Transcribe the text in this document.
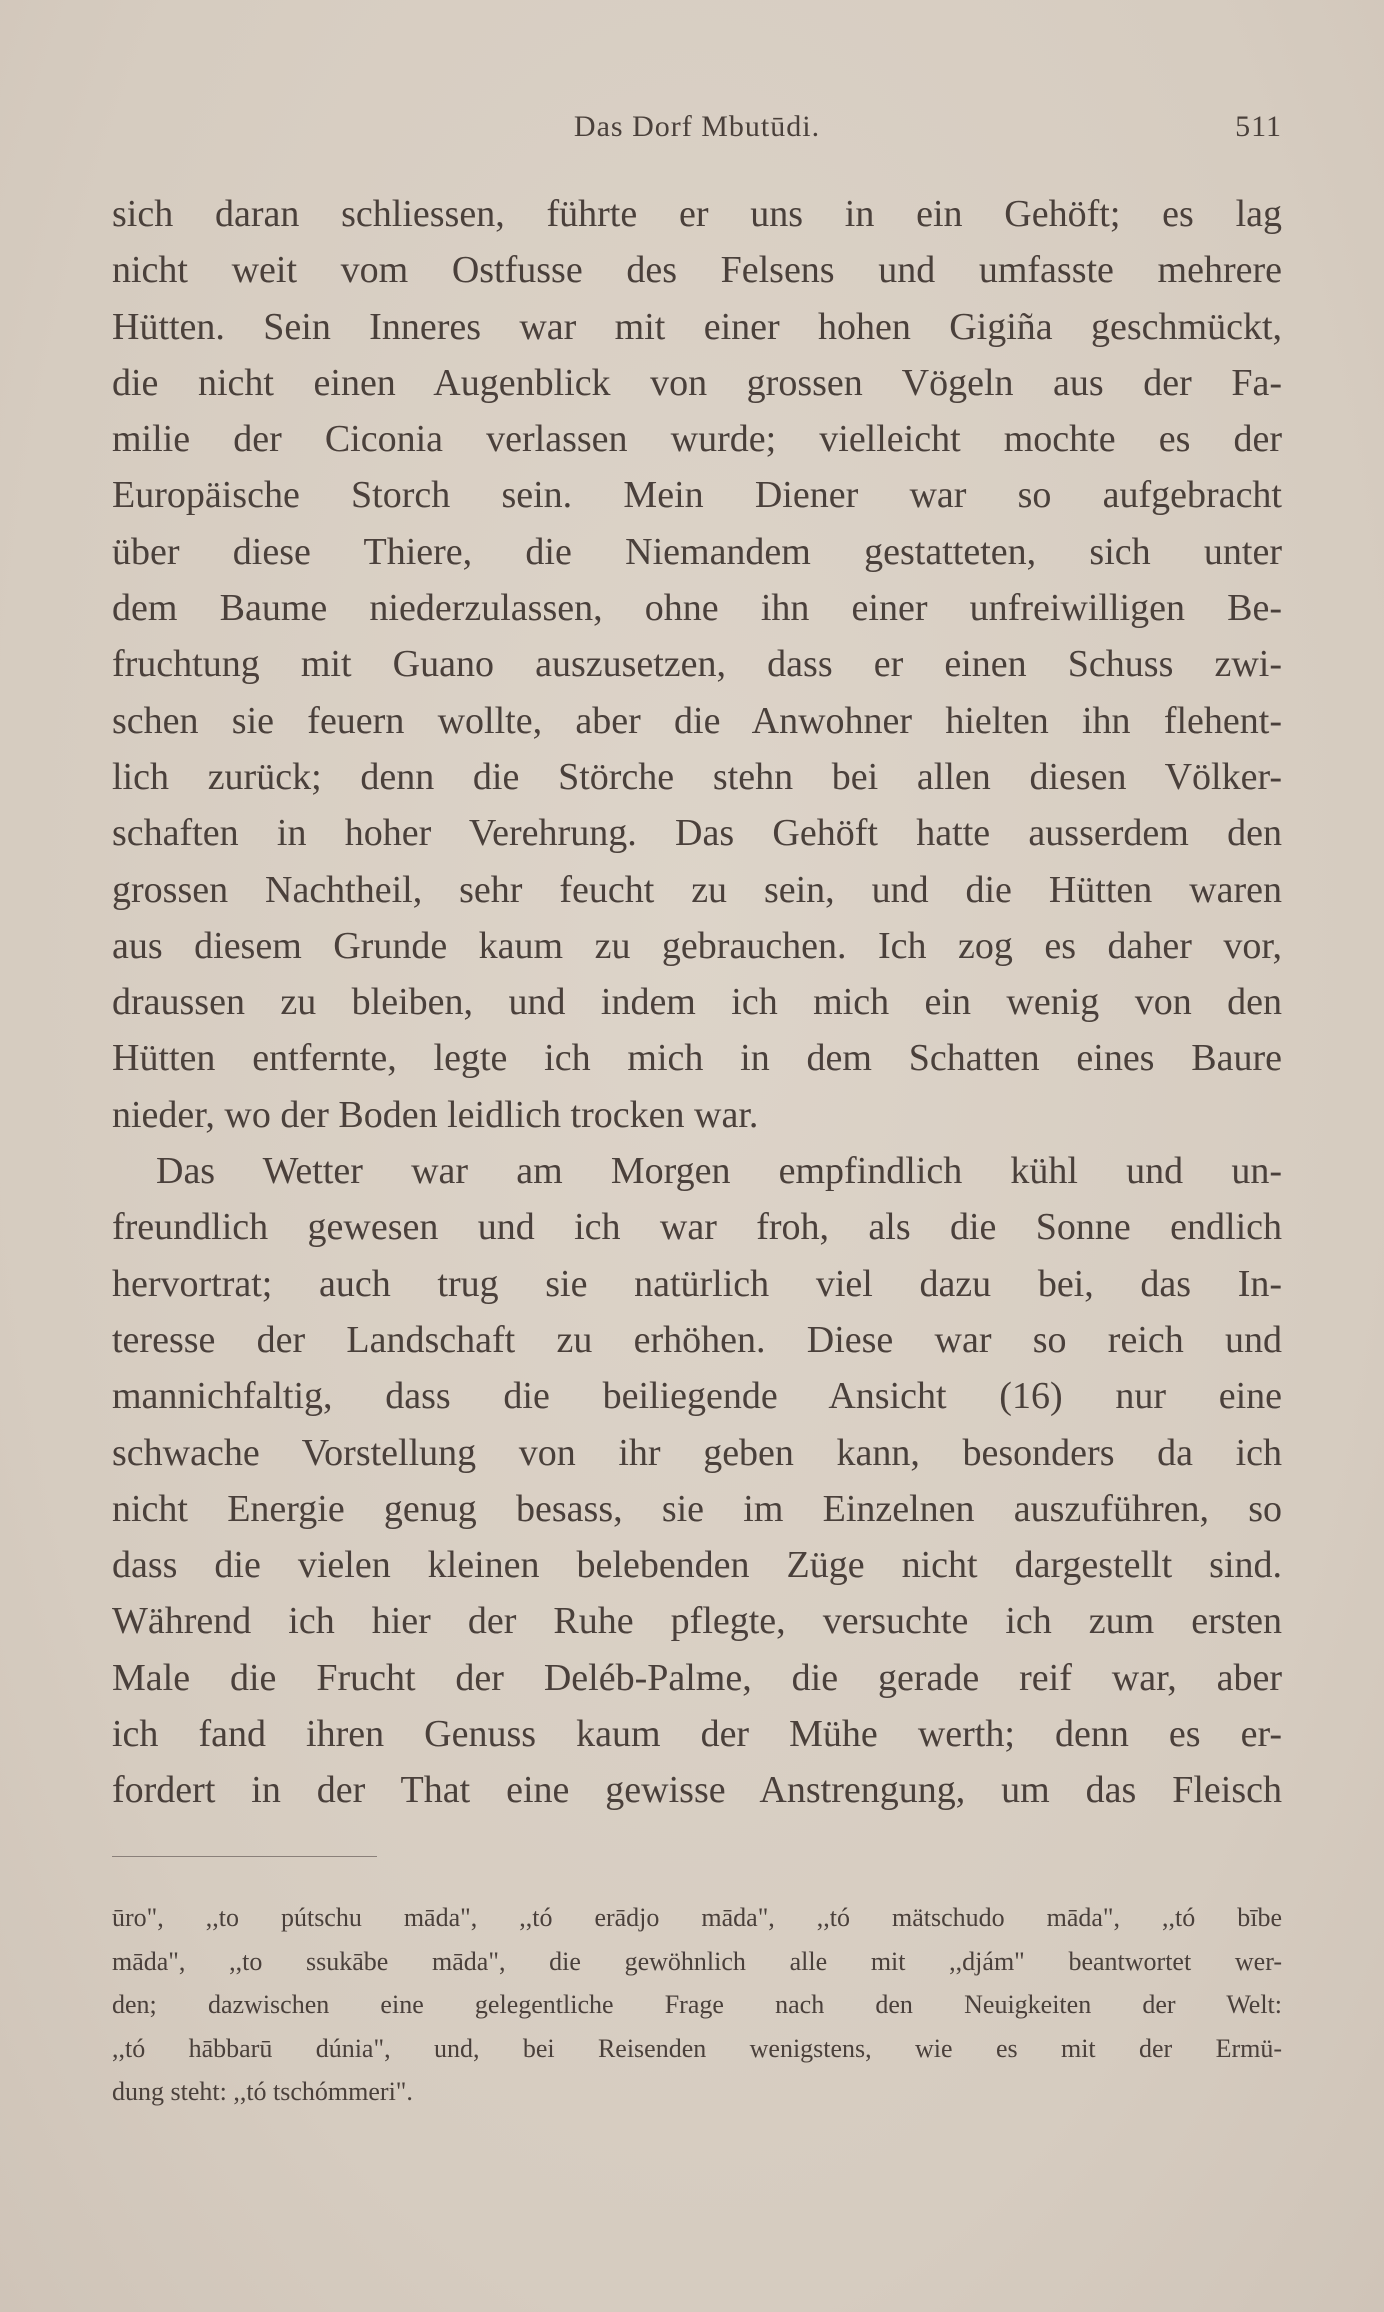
Das Dorf Mbutūdi.	511
sich daran schliessen, führte er uns in ein Gehöft; es lag
nicht weit vom Ostfusse des Felsens und umfasste mehrere
Hütten. Sein Inneres war mit einer hohen Gigiña geschmückt,
die nicht einen Augenblick von grossen Vögeln aus der Fa-
milie der Ciconia verlassen wurde; vielleicht mochte es der
Europäische Storch sein. Mein Diener war so aufgebracht
über diese Thiere, die Niemandem gestatteten, sich unter
dem Baume niederzulassen, ohne ihn einer unfreiwilligen Be-
fruchtung mit Guano auszusetzen, dass er einen Schuss zwi-
schen sie feuern wollte, aber die Anwohner hielten ihn flehent-
lich zurück; denn die Störche stehn bei allen diesen Völker-
schaften in hoher Verehrung. Das Gehöft hatte ausserdem den
grossen Nachtheil, sehr feucht zu sein, und die Hütten waren
aus diesem Grunde kaum zu gebrauchen. Ich zog es daher vor,
draussen zu bleiben, und indem ich mich ein wenig von den
Hütten entfernte, legte ich mich in dem Schatten eines Baure
nieder, wo der Boden leidlich trocken war.
Das Wetter war am Morgen empfindlich kühl und un-
freundlich gewesen und ich war froh, als die Sonne endlich
hervortrat; auch trug sie natürlich viel dazu bei, das In-
teresse der Landschaft zu erhöhen. Diese war so reich und
mannichfaltig, dass die beiliegende Ansicht (16) nur eine
schwache Vorstellung von ihr geben kann, besonders da ich
nicht Energie genug besass, sie im Einzelnen auszuführen, so
dass die vielen kleinen belebenden Züge nicht dargestellt sind.
Während ich hier der Ruhe pflegte, versuchte ich zum ersten
Male die Frucht der Deléb-Palme, die gerade reif war, aber
ich fand ihren Genuss kaum der Mühe werth; denn es er-
fordert in der That eine gewisse Anstrengung, um das Fleisch
ūro", ,,to pútschu māda", ,,tó erādjo māda", ,,tó mätschudo māda", ,,tó bībe
māda", ,,to ssukābe māda", die gewöhnlich alle mit ,,djám" beantwortet wer-
den; dazwischen eine gelegentliche Frage nach den Neuigkeiten der Welt:
,,tó hābbarū dúnia", und, bei Reisenden wenigstens, wie es mit der Ermü-
dung steht: ,,tó tschómmeri".
